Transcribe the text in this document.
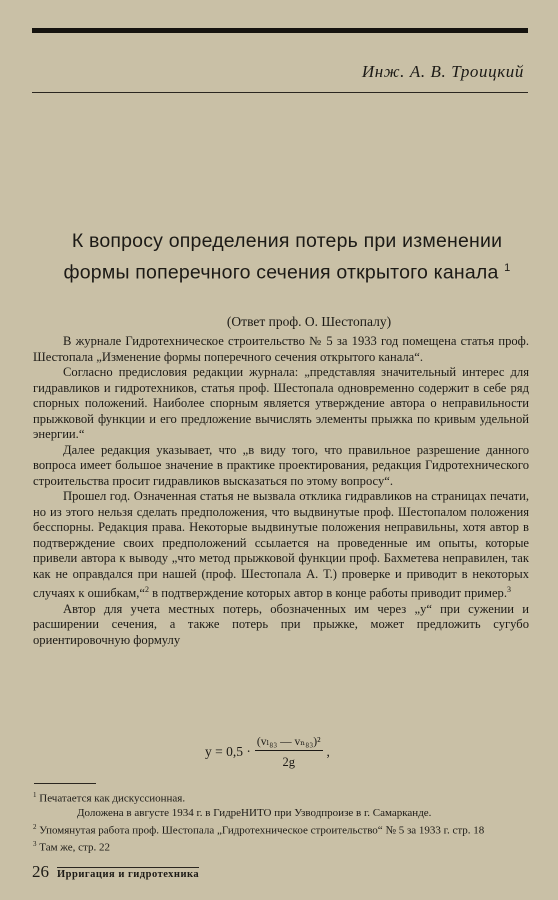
Инж. А. В. Троицкий
К вопросу определения потерь при изменении формы поперечного сечения открытого канала $^1$
(Ответ проф. О. Шестопалу)

В журнале Гидротехническое строительство № 5 за 1933 год помещена статья проф. Шестопала „Изменение формы поперечного сечения открытого канала“.

Согласно предисловия редакции журнала: „представляя значительный интерес для гидравликов и гидротехников, статья проф. Шестопала одновременно содержит в себе ряд спорных положений. Наиболее спорным является утверждение автора о неправильности прыжковой функции и его предложение вычислять элементы прыжка по кривым удельной энергии.“

Далее редакция указывает, что „в виду того, что правильное разрешение данного вопроса имеет большое значение в практике проектирования, редакция Гидротехнического строительства просит гидравликов высказаться по этому вопросу“.

Прошел год. Означенная статья не вызвала отклика гидравликов на страницах печати, но из этого нельзя сделать предположения, что выдвинутые проф. Шестопалом положения бесспорны. Редакция права. Некоторые выдвинутые положения неправильны, хотя автор в подтверждение своих предположений ссылается на проведенные им опыты, которые привели автора к выводу „что метод прыжковой функции проф. Бахметева неправилен, так как не оправдался при нашей (проф. Шестопала А. Т.) проверке и приводит в некоторых случаях к ошибкам,“$^2$ в подтверждение которых автор в конце работы приводит пример.$^3$

Автор для учета местных потерь, обозначенных им через „y“ при сужении и расширении сечения, а также потерь при прыжке, может предложить сугубо ориентировочную формулу

$y = 0,5 \cdot \frac{\text{(vₗ₈₃ — vₙ₈₃)²}}{2g}$ ,

$^1$ Печатается как дискуссионная.

Доложена в августе 1934 г. в ГидреНИТО при Узводпроизе в г. Самарканде.

$^2$ Упомянутая работа проф. Шестопала „Гидротехническое строительство“ № 5 за 1933 г. стр. 18

$^3$ Там же, стр. 22

26 Ирригация и гидротехника
